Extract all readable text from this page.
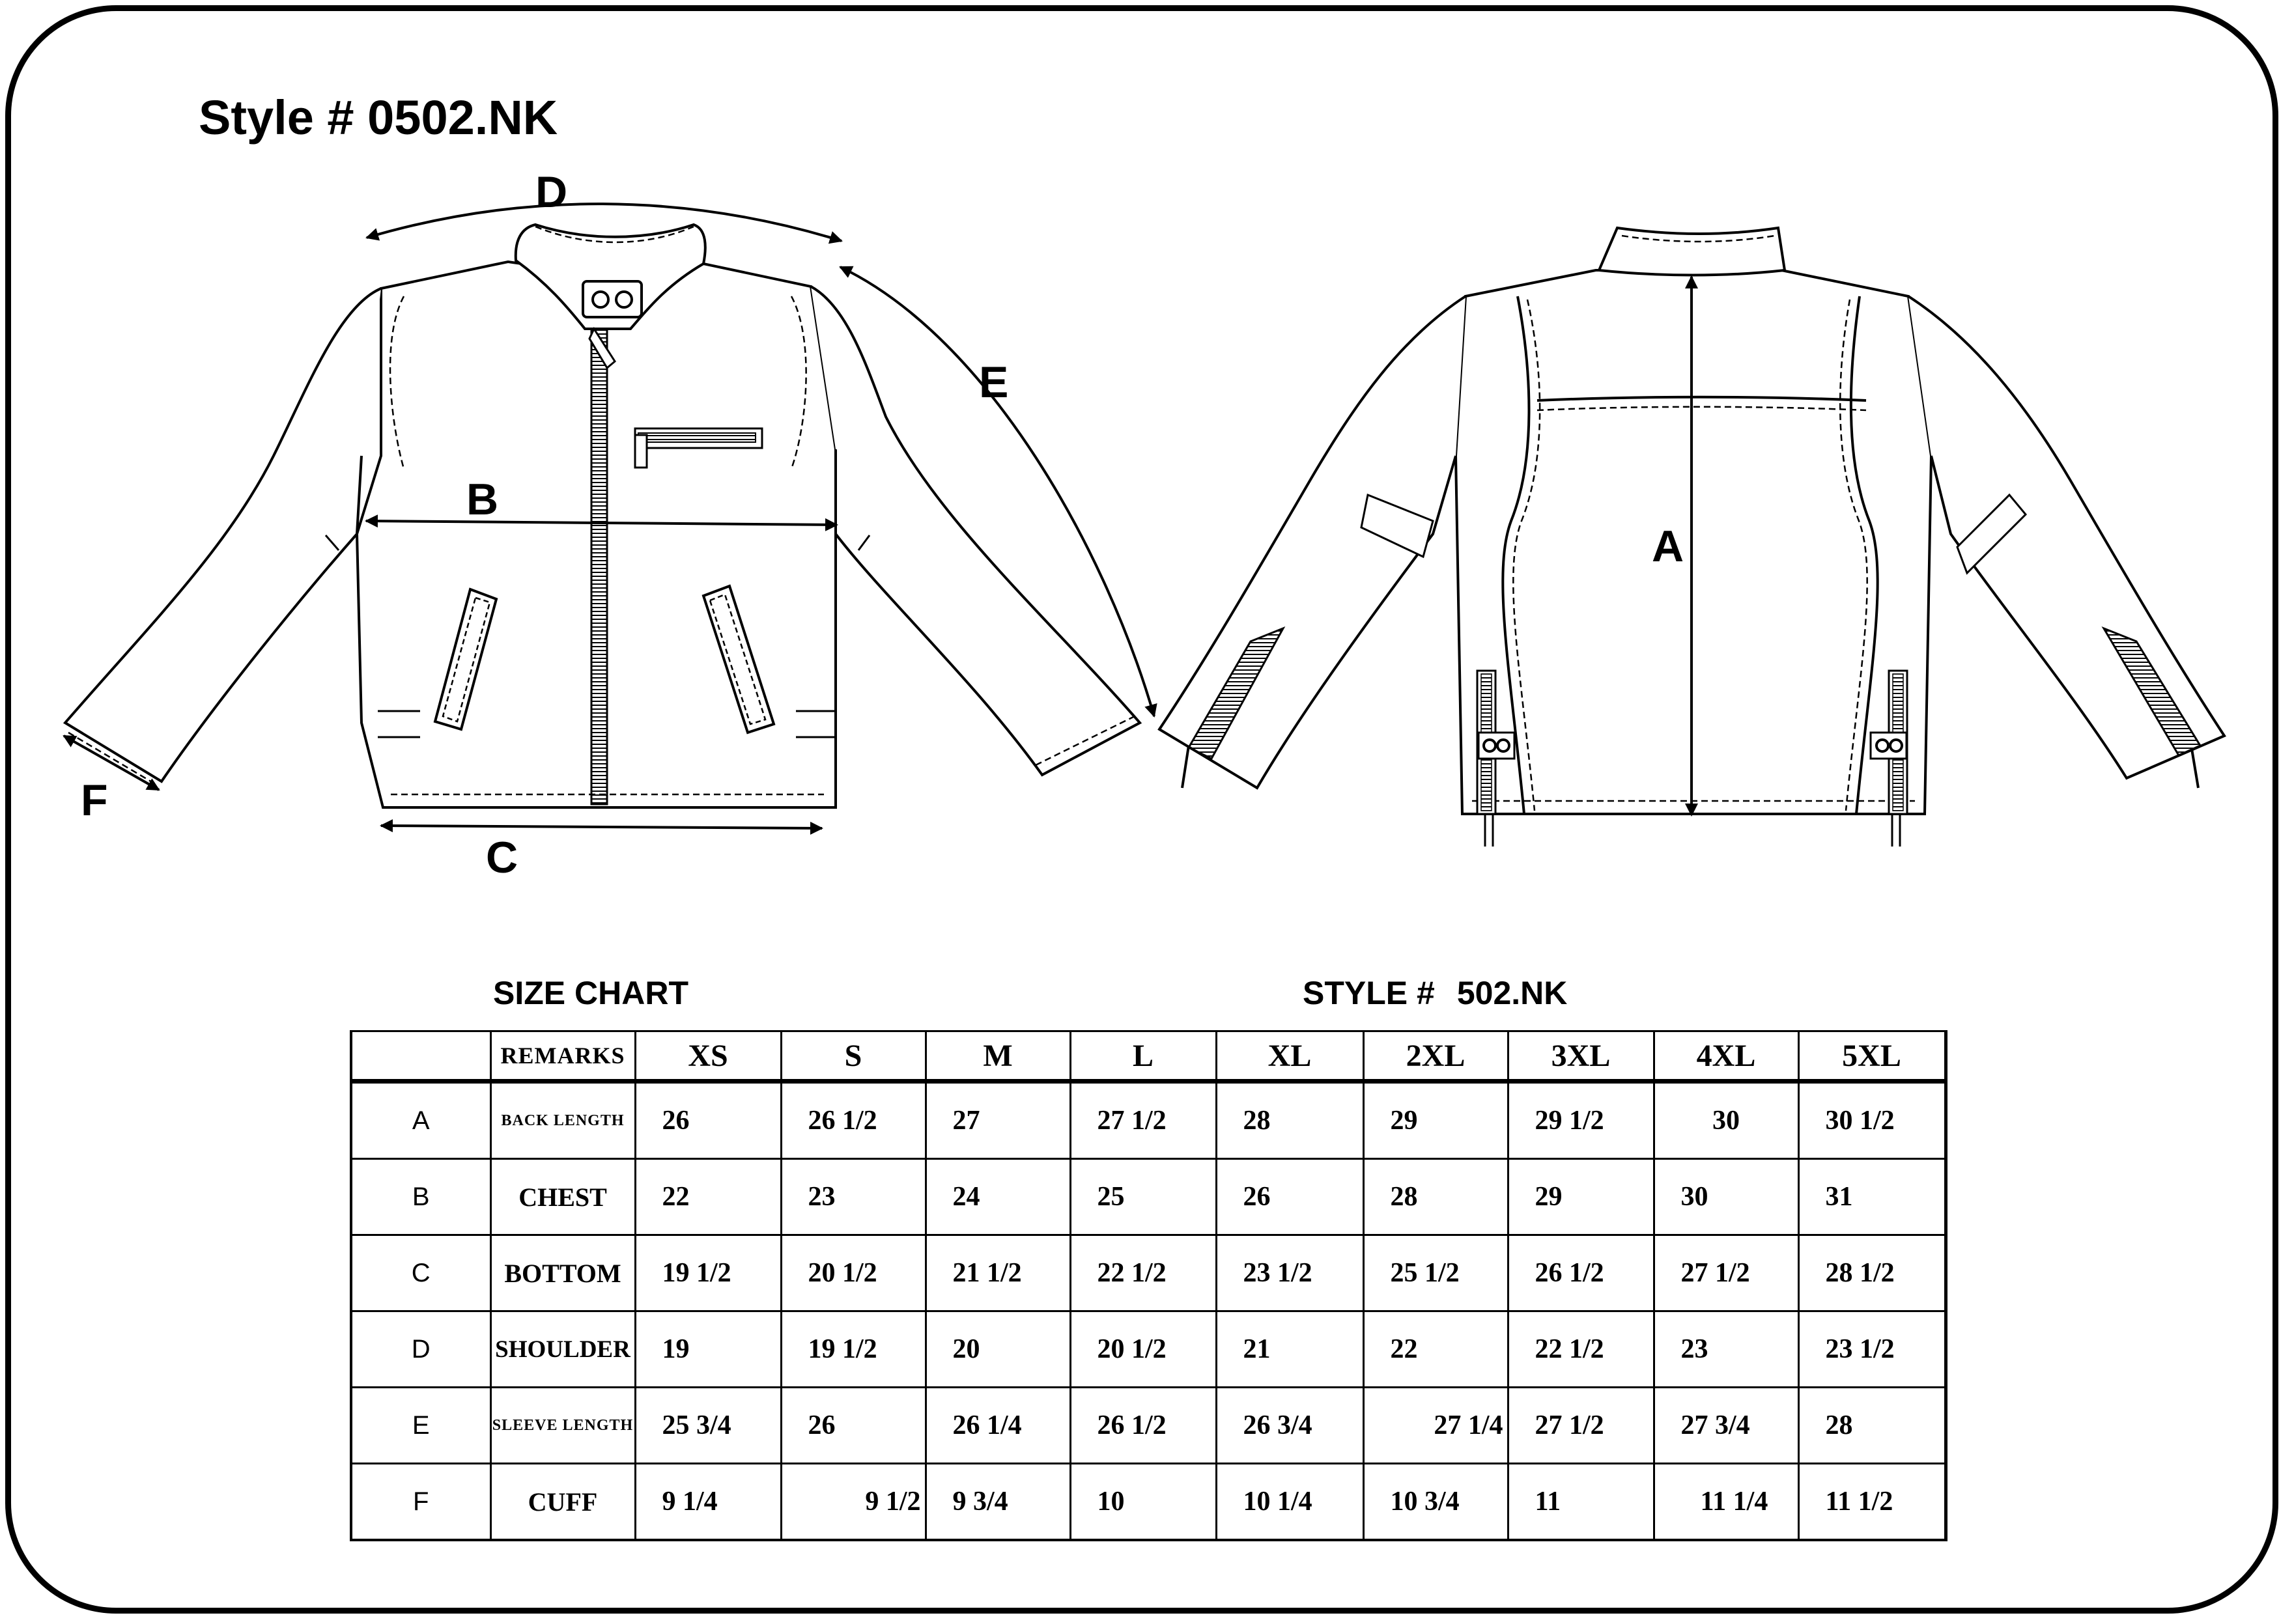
Style # 0502.NK
D
E
B
C
F
A
SIZE CHART	STYLE # 502.NK
	REMARKS	XS	S	M	L	XL	2XL	3XL	4XL	5XL
A	BACK LENGTH	26	26 1/2	27	27 1/2	28	29	29 1/2	30	30 1/2
B	CHEST	22	23	24	25	26	28	29	30	31
C	BOTTOM	19 1/2	20 1/2	21 1/2	22 1/2	23 1/2	25 1/2	26 1/2	27 1/2	28 1/2
D	SHOULDER	19	19 1/2	20	20 1/2	21	22	22 1/2	23	23 1/2
E	SLEEVE LENGTH	25 3/4	26	26 1/4	26 1/2	26 3/4	27 1/4	27 1/2	27 3/4	28
F	CUFF	9 1/4	9 1/2	9 3/4	10	10 1/4	10 3/4	11	11 1/4	11 1/2
